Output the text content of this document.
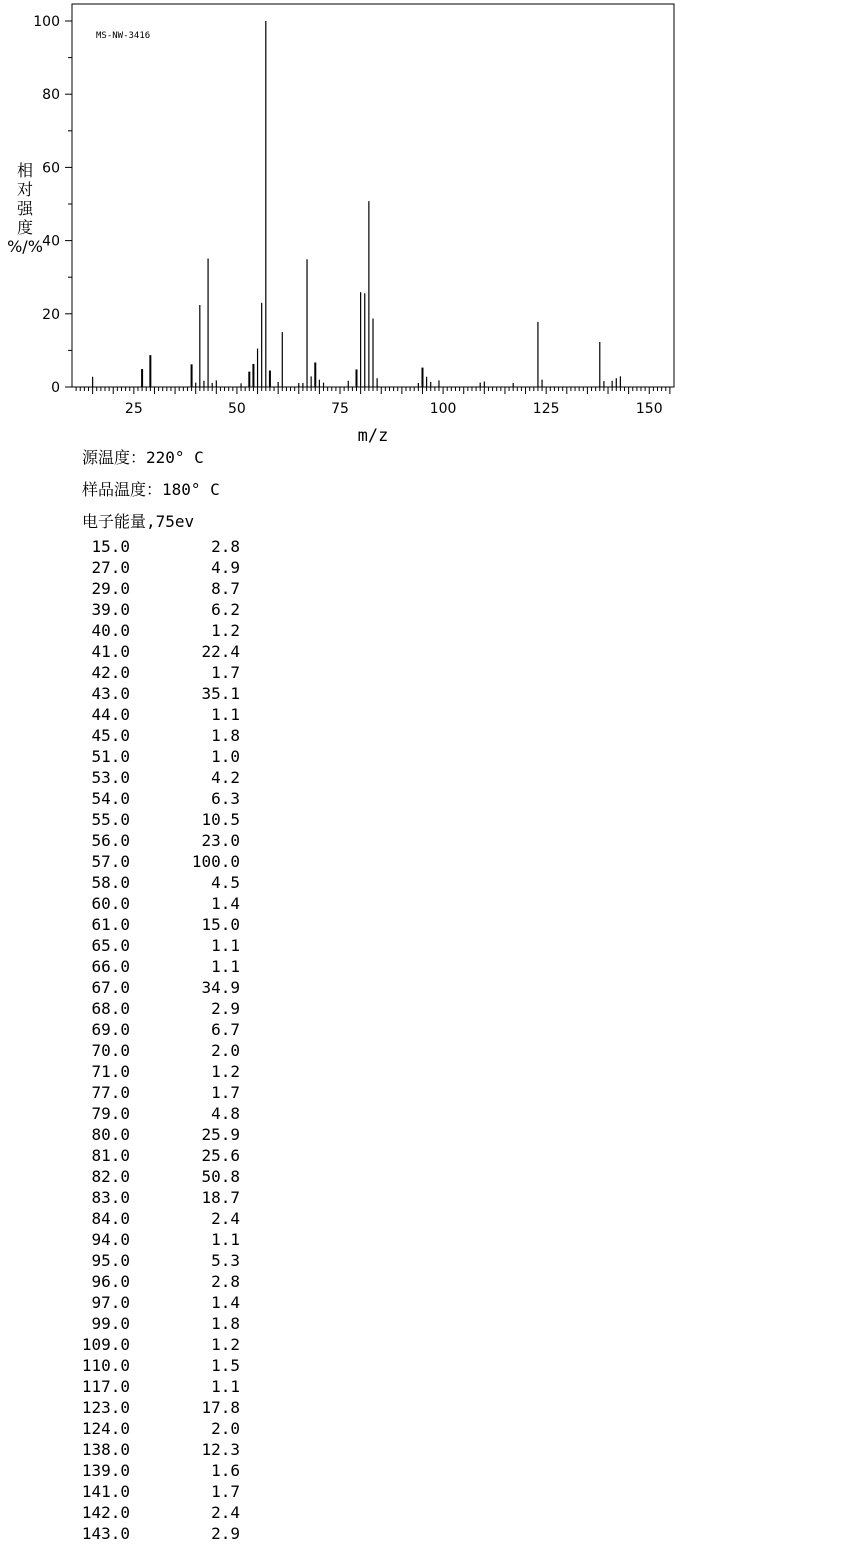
0
20
40
60
80
100
25	50	75	100	125	150
MS-NW-3416
m/z
相
对
强
度
%/%
源温度：220° C
样品温度：180° C
电子能量,75ev
15.0	2.8
27.0	4.9
29.0	8.7
39.0	6.2
40.0	1.2
41.0	22.4
42.0	1.7
43.0	35.1
44.0	1.1
45.0	1.8
51.0	1.0
53.0	4.2
54.0	6.3
55.0	10.5
56.0	23.0
57.0	100.0
58.0	4.5
60.0	1.4
61.0	15.0
65.0	1.1
66.0	1.1
67.0	34.9
68.0	2.9
69.0	6.7
70.0	2.0
71.0	1.2
77.0	1.7
79.0	4.8
80.0	25.9
81.0	25.6
82.0	50.8
83.0	18.7
84.0	2.4
94.0	1.1
95.0	5.3
96.0	2.8
97.0	1.4
99.0	1.8
109.0	1.2
110.0	1.5
117.0	1.1
123.0	17.8
124.0	2.0
138.0	12.3
139.0	1.6
141.0	1.7
142.0	2.4
143.0	2.9
